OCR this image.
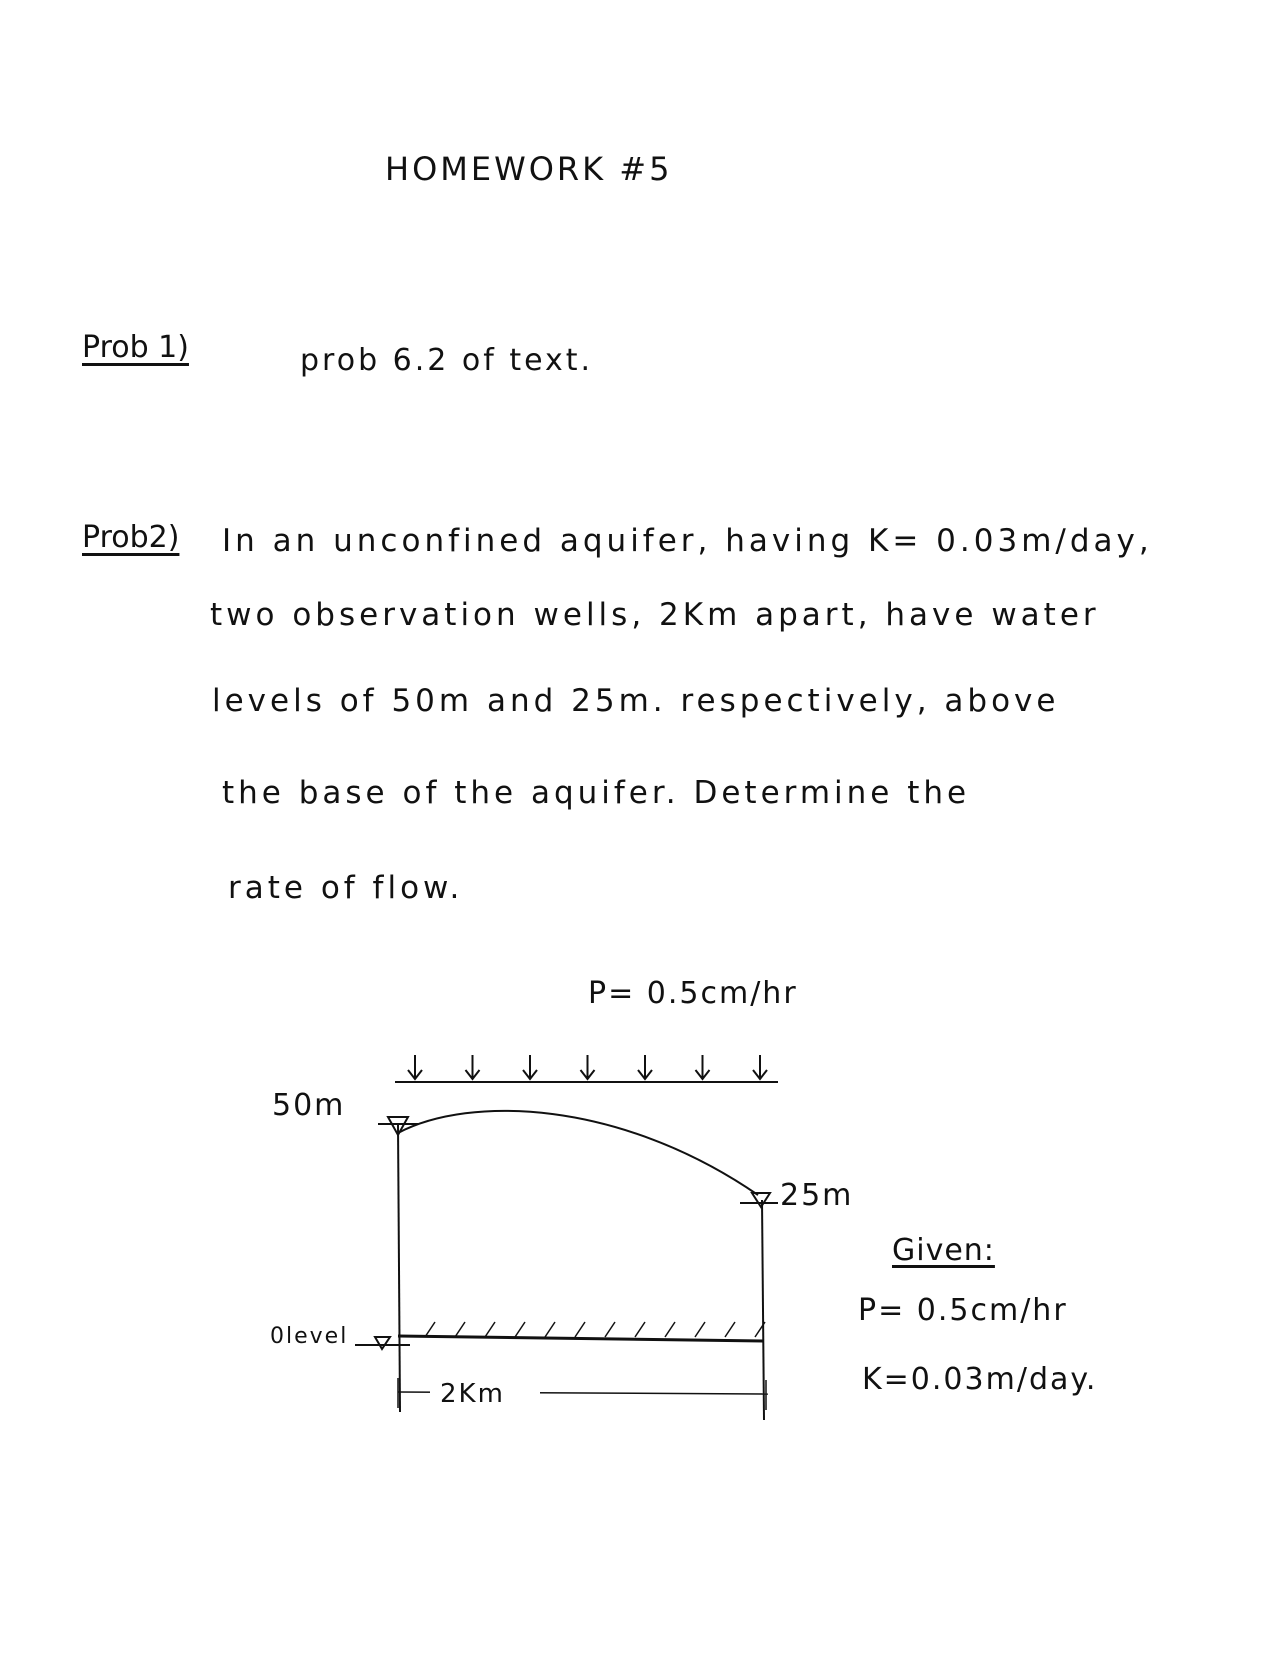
HOMEWORK #5
Prob 1)	prob 6.2 of text.
Prob2) In an unconfined aquifer, having K= 0.03m/day,
two observation wells, 2Km apart, have water
levels of 50m and 25m. respectively, above
the base of the aquifer. Determine the
rate of flow.
P= 0.5cm/hr
50m
25m
0level
2Km
Given:
P= 0.5cm/hr
K=0.03m/day.
